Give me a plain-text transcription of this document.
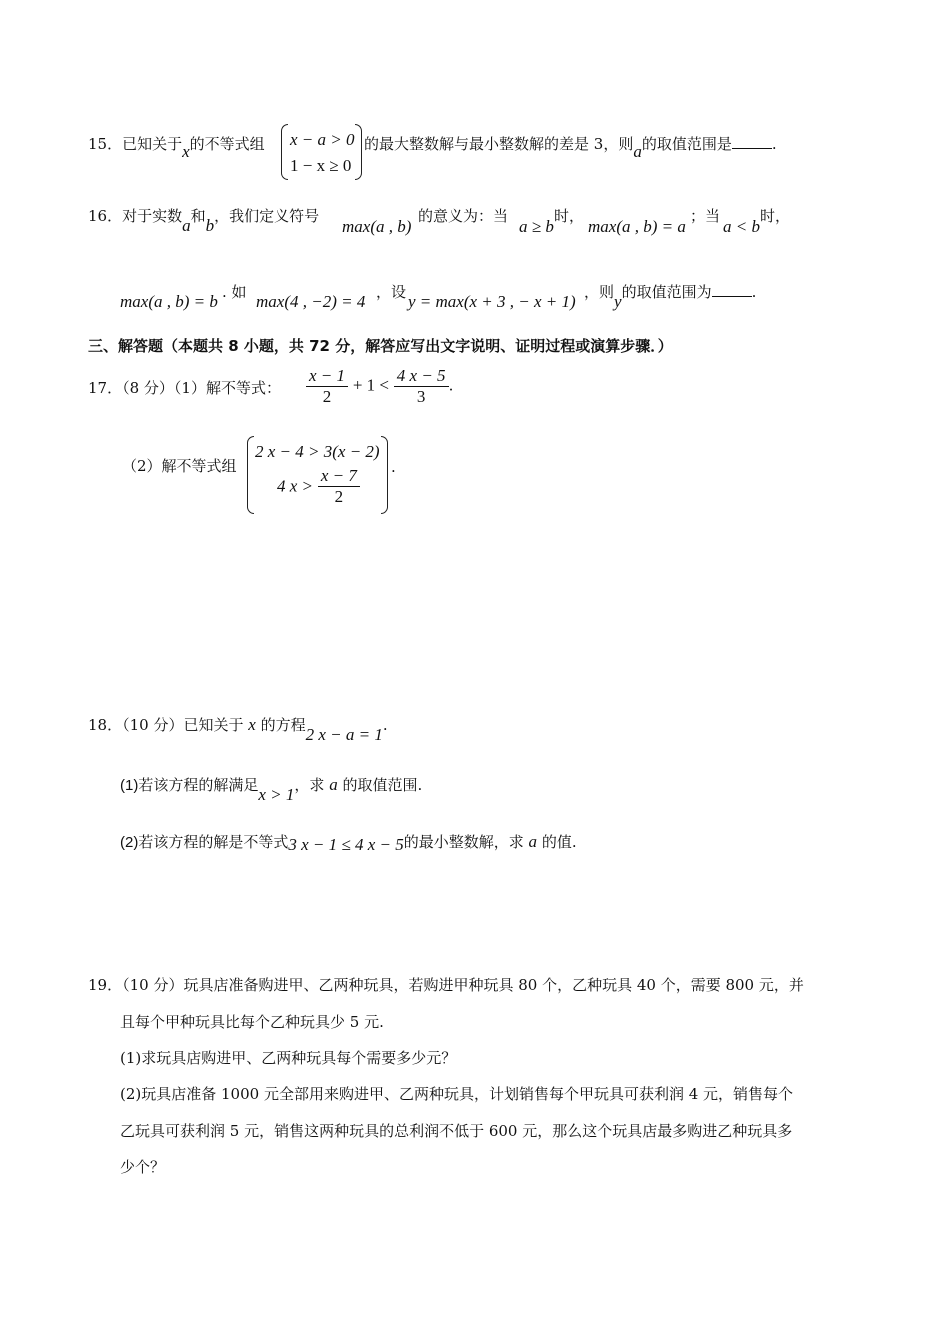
15．已知关于x的不等式组 x − a > 0
1 − x ≥ 0
的最大整数解与最小整数解的差是 3，则a的取值范围是	.
16．对于实数a和b，我们定义符号
max(a , b)
的意义为：当
a ≥ b
时，
max(a , b) = a
；当
a < b
时，
max(a , b) = b . 如 max(4 , −2) = 4 ，设 y = max(x + 3 , − x + 1) ，则y的取值范围为	.
三、解答题（本题共 8 小题，共 72 分，解答应写出文字说明、证明过程或演算步骤．）
17．（8 分）（1）解不等式： $\frac{x - 1}{2} + 1 < \frac{4 x - 5}{3}$ .
（2）解不等式组
2 x − 4 > 3(x − 2)
4 $x > \frac{x - 7}{2}$ .
18．（10 分）已知关于 x 的方程2 x − a = 1.
(1)若该方程的解满足x > 1，求 a 的取值范围.
(2)若该方程的解是不等式3 x − 1 ≤ 4 x − 5的最小整数解，求 a 的值.
19．（10 分）玩具店准备购进甲、乙两种玩具，若购进甲种玩具 80 个，乙种玩具 40 个，需要 800 元，并
且每个甲种玩具比每个乙种玩具少 5 元.
(1)求玩具店购进甲、乙两种玩具每个需要多少元？
(2)玩具店准备 1000 元全部用来购进甲、乙两种玩具，计划销售每个甲玩具可获利润 4 元，销售每个
乙玩具可获利润 5 元，销售这两种玩具的总利润不低于 600 元，那么这个玩具店最多购进乙种玩具多
少个？
